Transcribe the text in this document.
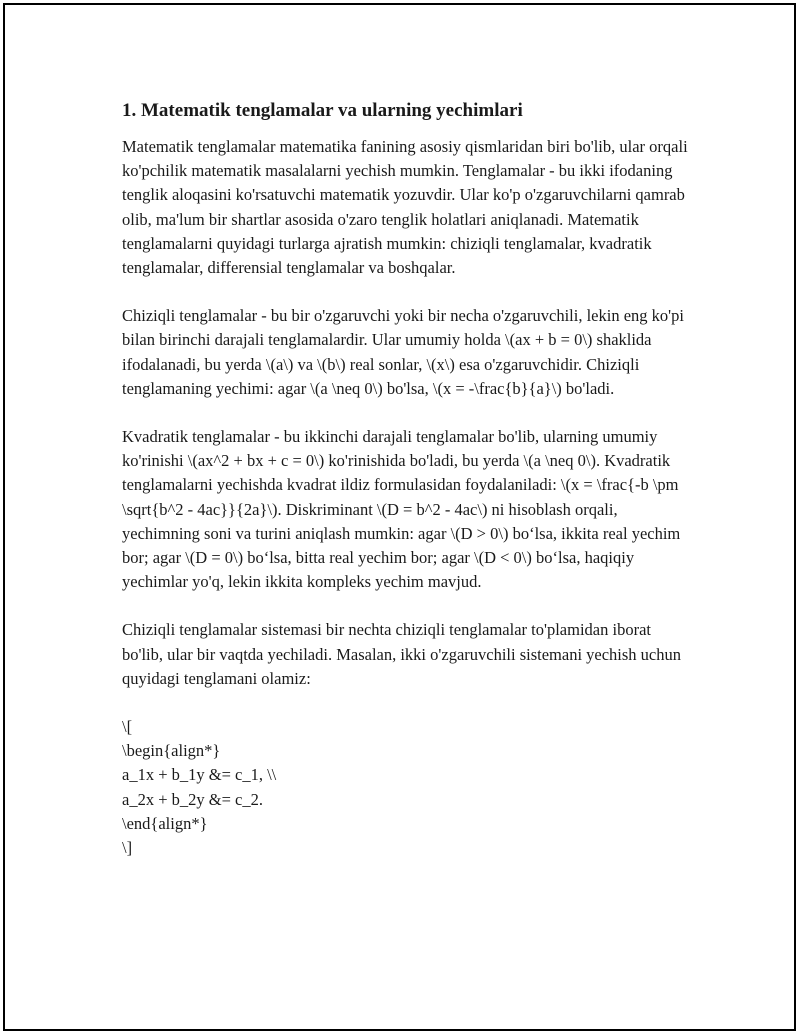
1. Matematik tenglamalar va ularning yechimlari

Matematik tenglamalar matematika fanining asosiy qismlaridan biri bo'lib, ular orqali ko'pchilik matematik masalalarni yechish mumkin. Tenglamalar - bu ikki ifodaning tenglik aloqasini ko'rsatuvchi matematik yozuvdir. Ular ko'p o'zgaruvchilarni qamrab olib, ma'lum bir shartlar asosida o'zaro tenglik holatlari aniqlanadi. Matematik tenglamalarni quyidagi turlarga ajratish mumkin: chiziqli tenglamalar, kvadratik tenglamalar, differensial tenglamalar va boshqalar.

Chiziqli tenglamalar - bu bir o'zgaruvchi yoki bir necha o'zgaruvchili, lekin eng ko'pi bilan birinchi darajali tenglamalardir. Ular umumiy holda \(ax + b = 0\) shaklida ifodalanadi, bu yerda \(a\) va \(b\) real sonlar, \(x\) esa o'zgaruvchidir. Chiziqli tenglamaning yechimi: agar \(a \neq 0\) bo'lsa, \(x = -\frac{b}{a}\) bo'ladi.

Kvadratik tenglamalar - bu ikkinchi darajali tenglamalar bo'lib, ularning umumiy ko'rinishi \(ax^2 + bx + c = 0\) ko'rinishida bo'ladi, bu yerda \(a \neq 0\). Kvadratik tenglamalarni yechishda kvadrat ildiz formulasidan foydalaniladi: \(x = \frac{-b \pm \sqrt{b^2 - 4ac}}{2a}\). Diskriminant \(D = b^2 - 4ac\) ni hisoblash orqali, yechimning soni va turini aniqlash mumkin: agar \(D > 0\) bo‘lsa, ikkita real yechim bor; agar \(D = 0\) bo‘lsa, bitta real yechim bor; agar \(D < 0\) bo‘lsa, haqiqiy yechimlar yo'q, lekin ikkita kompleks yechim mavjud.

Chiziqli tenglamalar sistemasi bir nechta chiziqli tenglamalar to'plamidan iborat bo'lib, ular bir vaqtda yechiladi. Masalan, ikki o'zgaruvchili sistemani yechish uchun quyidagi tenglamani olamiz:

\[
\begin{align*}
a_1x + b_1y &= c_1, \\
a_2x + b_2y &= c_2.
\end{align*}
\]
